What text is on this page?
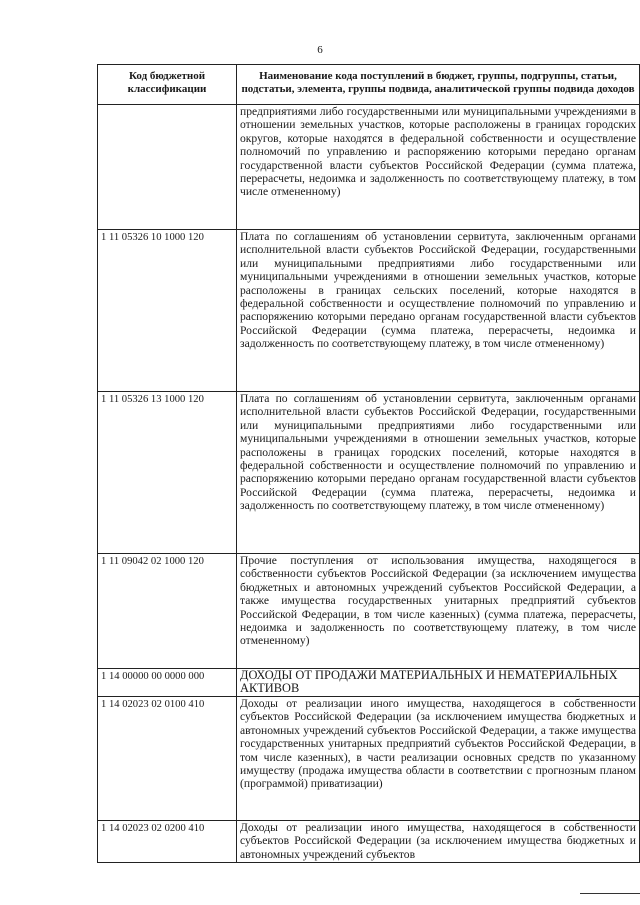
6
Код бюджетной классификации	Наименование кода поступлений в бюджет, группы, подгруппы, статьи, подстатьи, элемента, группы подвида, аналитической группы подвида доходов
	предприятиями либо государственными или муниципальными учреждениями в отношении земельных участков, которые расположены в границах городских округов, которые находятся в федеральной собственности и осуществление полномочий по управлению и распоряжению которыми передано органам государственной власти субъектов Российской Федерации (сумма платежа, перерасчеты, недоимка и задолженность по соответствующему платежу, в том числе отмененному)
1 11 05326 10 1000 120	Плата по соглашениям об установлении сервитута, заключенным органами исполнительной власти субъектов Российской Федерации, государственными или муниципальными предприятиями либо государственными или муниципальными учреждениями в отношении земельных участков, которые расположены в границах сельских поселений, которые находятся в федеральной собственности и осуществление полномочий по управлению и распоряжению которыми передано органам государственной власти субъектов Российской Федерации (сумма платежа, перерасчеты, недоимка и задолженность по соответствующему платежу, в том числе отмененному)
1 11 05326 13 1000 120	Плата по соглашениям об установлении сервитута, заключенным органами исполнительной власти субъектов Российской Федерации, государственными или муниципальными предприятиями либо государственными или муниципальными учреждениями в отношении земельных участков, которые расположены в границах городских поселений, которые находятся в федеральной собственности и осуществление полномочий по управлению и распоряжению которыми передано органам государственной власти субъектов Российской Федерации (сумма платежа, перерасчеты, недоимка и задолженность по соответствующему платежу, в том числе отмененному)
1 11 09042 02 1000 120	Прочие поступления от использования имущества, находящегося в собственности субъектов Российской Федерации (за исключением имущества бюджетных и автономных учреждений субъектов Российской Федерации, а также имущества государственных унитарных предприятий субъектов Российской Федерации, в том числе казенных) (сумма платежа, перерасчеты, недоимка и задолженность по соответствующему платежу, в том числе отмененному)
1 14 00000 00 0000 000	ДОХОДЫ ОТ ПРОДАЖИ МАТЕРИАЛЬНЫХ И НЕМАТЕРИАЛЬНЫХ АКТИВОВ
1 14 02023 02 0100 410	Доходы от реализации иного имущества, находящегося в собственности субъектов Российской Федерации (за исключением имущества бюджетных и автономных учреждений субъектов Российской Федерации, а также имущества государственных унитарных предприятий субъектов Российской Федерации, в том числе казенных), в части реализации основных средств по указанному имуществу (продажа имущества области в соответствии с прогнозным планом (программой) приватизации)
1 14 02023 02 0200 410	Доходы от реализации иного имущества, находящегося в собственности субъектов Российской Федерации (за исключением имущества бюджетных и автономных учреждений субъектов
